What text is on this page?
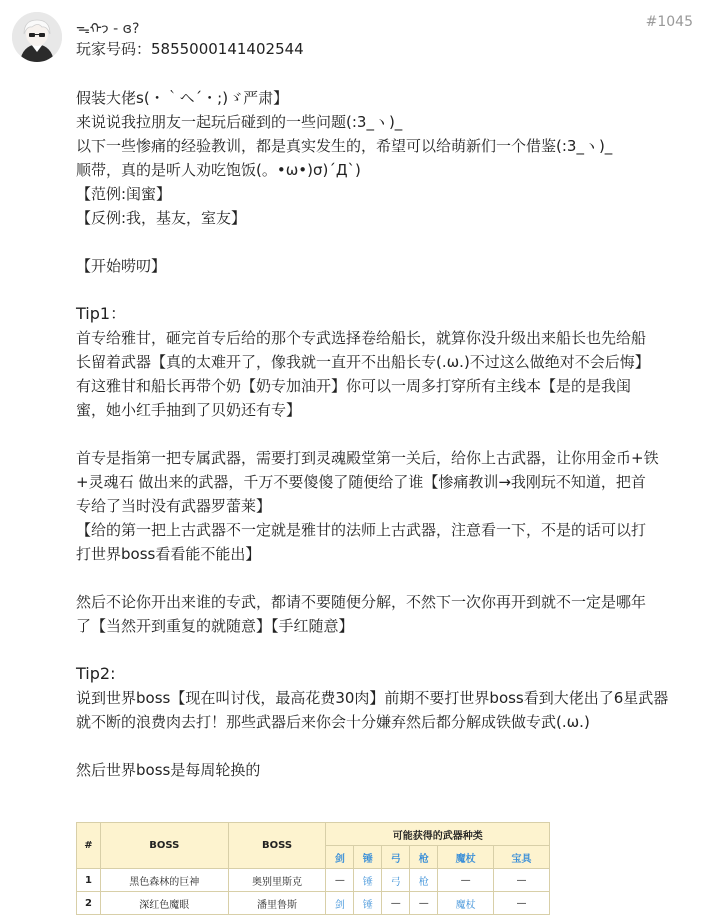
ᯓᡣ𐭩 - ɞ?
玩家号码：5855000141402544
#1045

假装大佬s(・｀ヘ´・;)ゞ严肃】

来说说我拉朋友一起玩后碰到的一些问题(:3_ヽ)_

以下一些惨痛的经验教训，都是真实发生的，希望可以给萌新们一个借鉴(:3_ヽ)_

顺带，真的是听人劝吃饱饭(。•ω•)σ)´Д`)

【范例:闺蜜】

【反例:我，基友，室友】

【开始唠叨】

Tip1：

首专给雅甘，砸完首专后给的那个专武选择卷给船长，就算你没升级出来船长也先给船

长留着武器【真的太难开了，像我就一直开不出船长专(.ω.)不过这么做绝对不会后悔】

有这雅甘和船长再带个奶【奶专加油开】你可以一周多打穿所有主线本【是的是我闺

蜜，她小红手抽到了贝奶还有专】

首专是指第一把专属武器，需要打到灵魂殿堂第一关后，给你上古武器，让你用金币+铁

+灵魂石 做出来的武器，千万不要傻傻了随便给了谁【惨痛教训→我刚玩不知道，把首

专给了当时没有武器罗蕾莱】

【给的第一把上古武器不一定就是雅甘的法师上古武器，注意看一下，不是的话可以打

打世界boss看看能不能出】

然后不论你开出来谁的专武，都请不要随便分解，不然下一次你再开到就不一定是哪年

了【当然开到重复的就随意】【手红随意】

Tip2:

说到世界boss【现在叫讨伐，最高花费30肉】前期不要打世界boss看到大佬出了6星武器

就不断的浪费肉去打！那些武器后来你会十分嫌弃然后都分解成铁做专武(.ω.)

然后世界boss是每周轮换的

#	BOSS	BOSS	可能获得的武器种类					
			剑	锤	弓	枪	魔杖	宝具
1	黑色森林的巨神	奥别里斯克	—	锤	弓	枪	—	—
2	深红色魔眼	潘里鲁斯	剑	锤	—	—	魔杖	—
